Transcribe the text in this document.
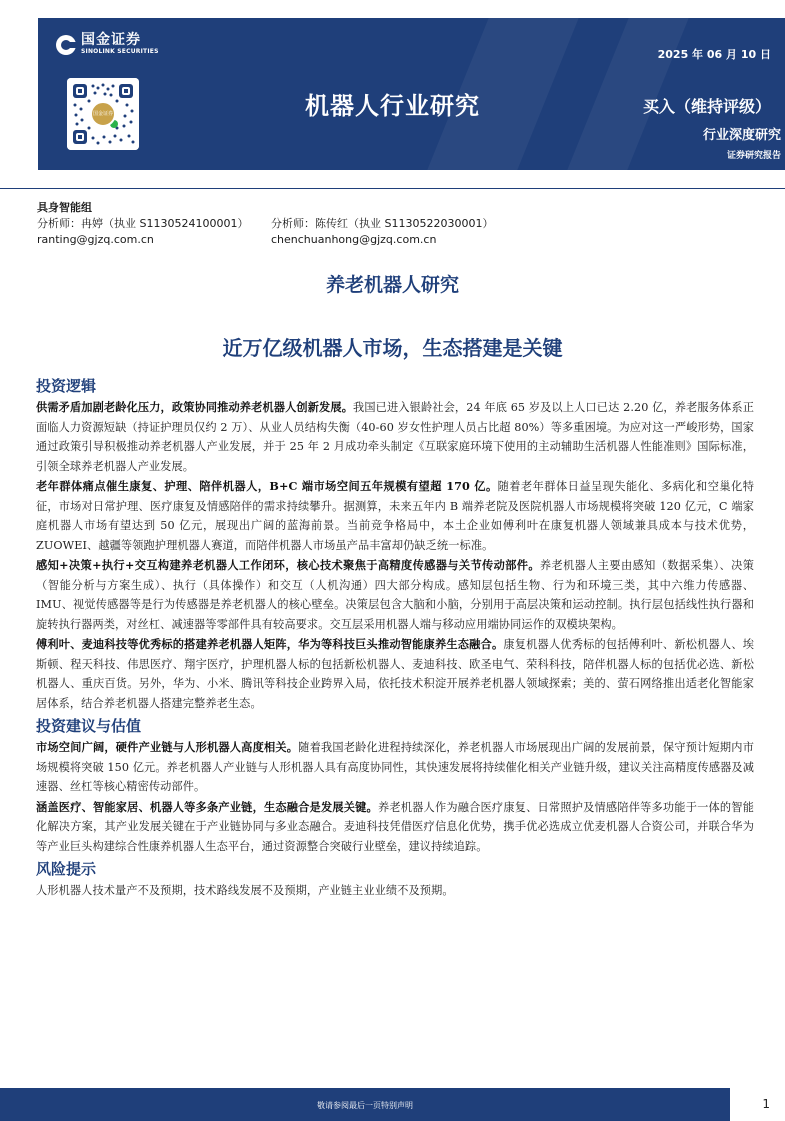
国金证券
SINOLINK SECURITIES
国金证券
2025 年 06 月 10 日
机器人行业研究	买入（维持评级）
行业深度研究
证券研究报告
具身智能组
分析师：冉婷（执业 S1130524100001） 分析师：陈传红（执业 S1130522030001）
ranting@gjzq.com.cn	chenchuanhong@gjzq.com.cn
养老机器人研究
近万亿级机器人市场，生态搭建是关键
投资逻辑

供需矛盾加剧老龄化压力，政策协同推动养老机器人创新发展。我国已进入银龄社会，24 年底 65 岁及以上人口已达 2.20 亿，养老服务体系正面临人力资源短缺（持证护理员仅约 2 万）、从业人员结构失衡（40-60 岁女性护理人员占比超 80%）等多重困境。为应对这一严峻形势，国家通过政策引导积极推动养老机器人产业发展，并于 25 年 2 月成功牵头制定《互联家庭环境下使用的主动辅助生活机器人性能准则》国际标准，引领全球养老机器人产业发展。

老年群体痛点催生康复、护理、陪伴机器人，B+C 端市场空间五年规模有望超 170 亿。随着老年群体日益呈现失能化、多病化和空巢化特征，市场对日常护理、医疗康复及情感陪伴的需求持续攀升。据测算，未来五年内 B 端养老院及医院机器人市场规模将突破 120 亿元，C 端家庭机器人市场有望达到 50 亿元，展现出广阔的蓝海前景。当前竞争格局中，本土企业如傅利叶在康复机器人领域兼具成本与技术优势，ZUOWEI、越疆等领跑护理机器人赛道，而陪伴机器人市场虽产品丰富却仍缺乏统一标准。

感知+决策+执行+交互构建养老机器人工作闭环，核心技术聚焦于高精度传感器与关节传动部件。养老机器人主要由感知（数据采集）、决策（智能分析与方案生成）、执行（具体操作）和交互（人机沟通）四大部分构成。感知层包括生物、行为和环境三类，其中六维力传感器、IMU、视觉传感器等是行为传感器是养老机器人的核心壁垒。决策层包含大脑和小脑，分别用于高层决策和运动控制。执行层包括线性执行器和旋转执行器两类，对丝杠、减速器等零部件具有较高要求。交互层采用机器人端与移动应用端协同运作的双模块架构。

傅利叶、麦迪科技等优秀标的搭建养老机器人矩阵，华为等科技巨头推动智能康养生态融合。康复机器人优秀标的包括傅利叶、新松机器人、埃斯顿、程天科技、伟思医疗、翔宇医疗，护理机器人标的包括新松机器人、麦迪科技、欧圣电气、荣科科技，陪伴机器人标的包括优必选、新松机器人、重庆百货。另外，华为、小米、腾讯等科技企业跨界入局，依托技术积淀开展养老机器人领域探索；美的、萤石网络推出适老化智能家居体系，结合养老机器人搭建完整养老生态。

投资建议与估值

市场空间广阔，硬件产业链与人形机器人高度相关。随着我国老龄化进程持续深化，养老机器人市场展现出广阔的发展前景，保守预计短期内市场规模将突破 150 亿元。养老机器人产业链与人形机器人具有高度协同性，其快速发展将持续催化相关产业链升级，建议关注高精度传感器及减速器、丝杠等核心精密传动部件。

涵盖医疗、智能家居、机器人等多条产业链，生态融合是发展关键。养老机器人作为融合医疗康复、日常照护及情感陪伴等多功能于一体的智能化解决方案，其产业发展关键在于产业链协同与多业态融合。麦迪科技凭借医疗信息化优势，携手优必选成立优麦机器人合资公司，并联合华为等产业巨头构建综合性康养机器人生态平台，通过资源整合突破行业壁垒，建议持续追踪。

风险提示

人形机器人技术量产不及预期，技术路线发展不及预期，产业链主业业绩不及预期。

敬请参阅最后一页特别声明	1
